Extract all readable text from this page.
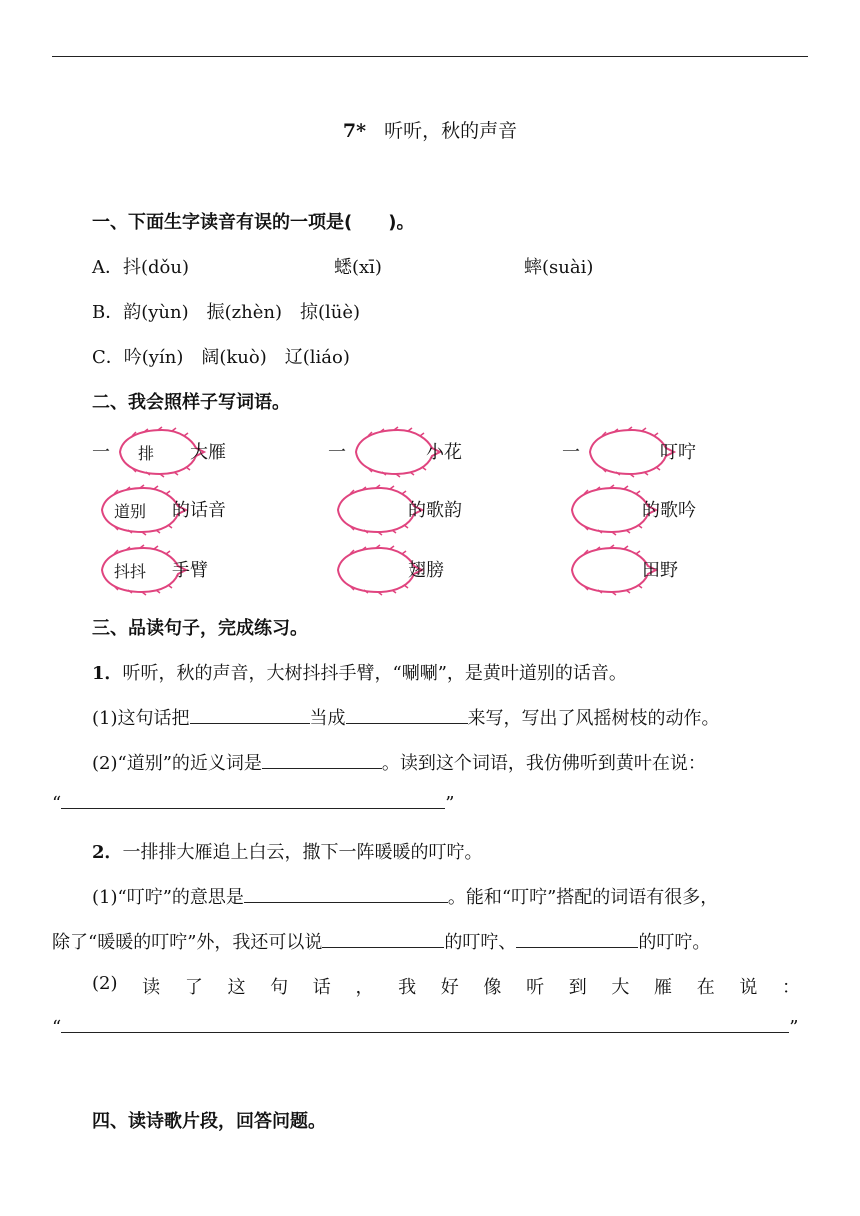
7* 听听，秋的声音
一、下面生字读音有误的一项是(　　)。
A．抖(dǒu)	蟋(xī)	蟀(suài)
B．韵(yùn)　振(zhèn)　掠(lüè)
C．吟(yín)　阔(kuò)　辽(liáo)
二、我会照样子写词语。
一 排 大雁	一	小花	一	叮咛
道别 的话音	的歌韵	的歌吟
抖抖 手臂	翅膀	田野
三、品读句子，完成练习。
1．听听，秋的声音，大树抖抖手臂，“唰唰”，是黄叶道别的话音。
(1)这句话把	当成	来写，写出了风摇树枝的动作。
(2)“道别”的近义词是	。读到这个词语，我仿佛听到黄叶在说：
“	”
2．一排排大雁追上白云，撒下一阵暖暖的叮咛。
(1)“叮咛”的意思是	。能和“叮咛”搭配的词语有很多，
除了“暖暖的叮咛”外，我还可以说	的叮咛、	的叮咛。
(2) 读 了 这 句 话 ， 我 好 像 听 到 大 雁 在 说 ：
“	”
四、读诗歌片段，回答问题。
